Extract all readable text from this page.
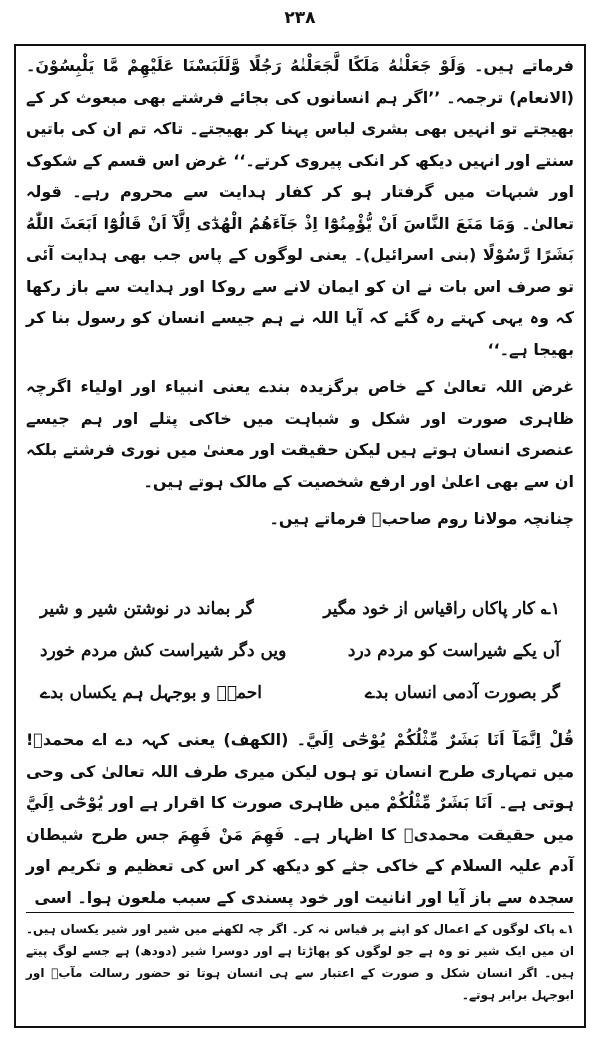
۲۳۸

فرماتے ہیں۔ وَلَوْ جَعَلْنٰهُ مَلَكًا لَّجَعَلْنٰهُ رَجُلًا وَّلَلَبَسْنَا عَلَيْهِمْ مَّا يَلْبِسُوْنَ۔ (الانعام) ترجمہ۔ ’’اگر ہم انسانوں کی بجائے فرشتے بھی مبعوث کر کے بھیجتے تو انہیں بھی بشری لباس پہنا کر بھیجتے۔ تاکہ تم ان کی باتیں سنتے اور انہیں دیکھ کر انکی پیروی کرتے۔‘‘ غرض اس قسم کے شکوک اور شبہات میں گرفتار ہو کر کفار ہدایت سے محروم رہے۔ قولہ تعالیٰ۔ وَمَا مَنَعَ النَّاسَ اَنْ يُّؤْمِنُوْٓا اِذْ جَآءَهُمُ الْهُدٰٓى اِلَّآ اَنْ قَالُوْٓا اَبَعَثَ اللّٰهُ بَشَرًا رَّسُوْلًا (بنی اسرائیل)۔ یعنی لوگوں کے پاس جب بھی ہدایت آئی تو صرف اس بات نے ان کو ایمان لانے سے روکا اور ہدایت سے باز رکھا کہ وہ یہی کہتے رہ گئے کہ آیا اللہ نے ہم جیسے انسان کو رسول بنا کر بھیجا ہے۔‘‘

غرض اللہ تعالیٰ کے خاص برگزیدہ بندے یعنی انبیاء اور اولیاء اگرچہ ظاہری صورت اور شکل و شباہت میں خاکی پتلے اور ہم جیسے عنصری انسان ہوتے ہیں لیکن حقیقت اور معنیٰ میں نوری فرشتے بلکہ ان سے بھی اعلیٰ اور ارفع شخصیت کے مالک ہوتے ہیں۔

چنانچہ مولانا روم صاحبؒ فرماتے ہیں۔

۱؎ کار پاکاں راقیاس از خود مگیر
گر بماند در نوشتن شیر و شیر
آں یکے شیراست کو مردم درد
ویں دگر شیراست کش مردم خورد
گر بصورت آدمی انساں بدے
احمدؐ و بوجہل ہم یکساں بدے

قُلْ اِنَّمَآ اَنَا بَشَرٌ مِّثْلُكُمْ يُوْحٰٓى اِلَيَّ۔ (الکھف) یعنی کہہ دے اے محمدؐ! میں تمہاری طرح انسان تو ہوں لیکن میری طرف اللہ تعالیٰ کی وحی ہوتی ہے۔ اَنَا بَشَرٌ مِّثْلُكُمْ میں ظاہری صورت کا اقرار ہے اور يُوْحٰٓى اِلَيَّ میں حقیقت محمدیؐ کا اظہار ہے۔ فَهِمَ مَنْ فَهِمَ جس طرح شیطان آدم علیہ السلام کے خاکی جثے کو دیکھ کر اس کی تعظیم و تکریم اور سجدہ سے باز آیا اور انانیت اور خود پسندی کے سبب ملعون ہوا۔ اسی

۱؎ پاک لوگوں کے اعمال کو اپنے پر قیاس نہ کر۔ اگر چہ لکھنے میں شیر اور شیر یکساں ہیں۔ ان میں ایک شیر تو وہ ہے جو لوگوں کو پھاڑتا ہے اور دوسرا شیر (دودھ) ہے جسے لوگ پیتے ہیں۔ اگر انسان شکل و صورت کے اعتبار سے ہی انسان ہوتا تو حضور رسالت مآبؐ اور ابوجہل برابر ہوتے۔
